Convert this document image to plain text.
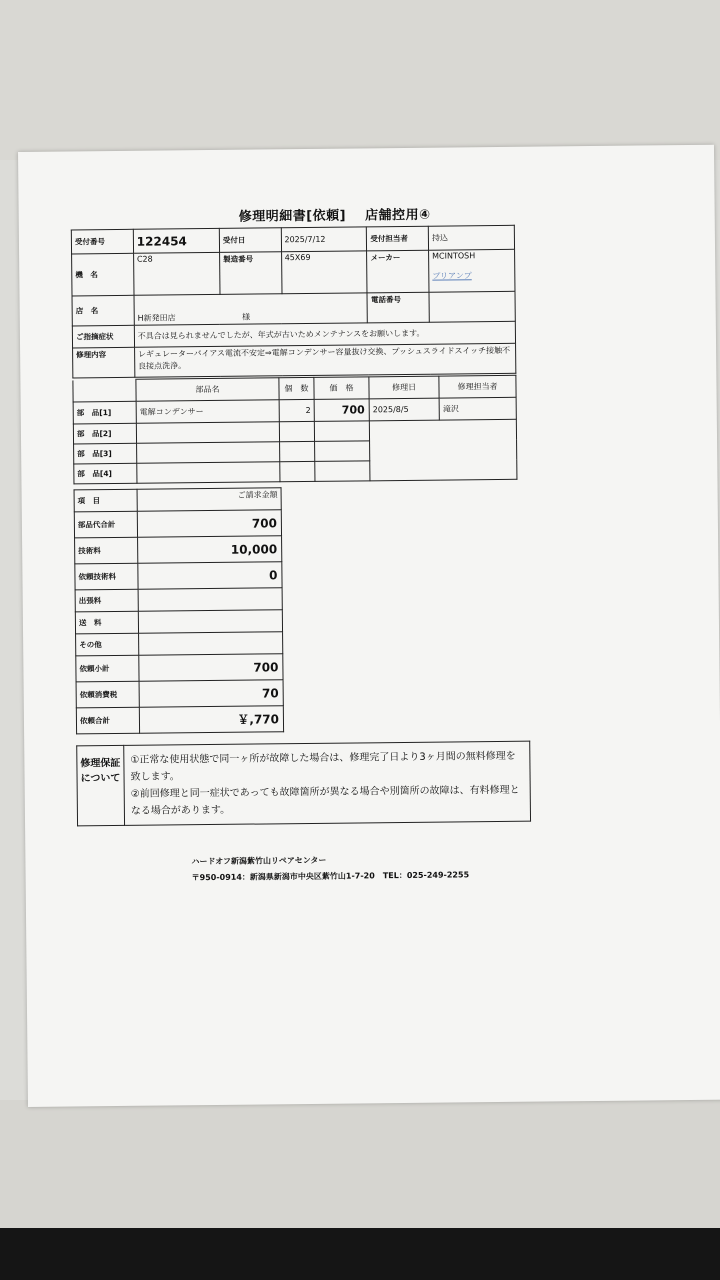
修理明細書[依頼] 店舗控用④
受付番号	122454	受付日	2025/7/12	受付担当者	持込
機　名	C28	製造番号	45X69	メーカー	MCINTOSH
プリアンプ

店　名	H新発田店 様			電話番号	
ご指摘症状	不具合は見られませんでしたが、年式が古いためメンテナンスをお願いします。				
修理内容	レギュレーターバイアス電流不安定⇒電解コンデンサー容量抜け交換、プッシュスライドスイッチ接触不良接点洗浄。				
	部品名	個　数	価　格	修理日	修理担当者
部　品[1]	電解コンデンサー	2	700	2025/8/5	滝沢
部　品[2]					
部　品[3]					
部　品[4]					
項　目	ご請求金額
部品代合計	700
技術料	10,000
依頼技術料	0
出張料	
送　料	
その他	
依頼小計	700
依頼消費税	70
依頼合計	￥,770
修理保証
について

①正常な使用状態で同一ヶ所が故障した場合は、修理完了日より3ヶ月間の無料修理を致します。
②前回修理と同一症状であっても故障箇所が異なる場合や別箇所の故障は、有料修理となる場合があります。
ハードオフ新潟紫竹山リペアセンター
〒950-0914：新潟県新潟市中央区紫竹山1-7-20　TEL：025-249-2255
